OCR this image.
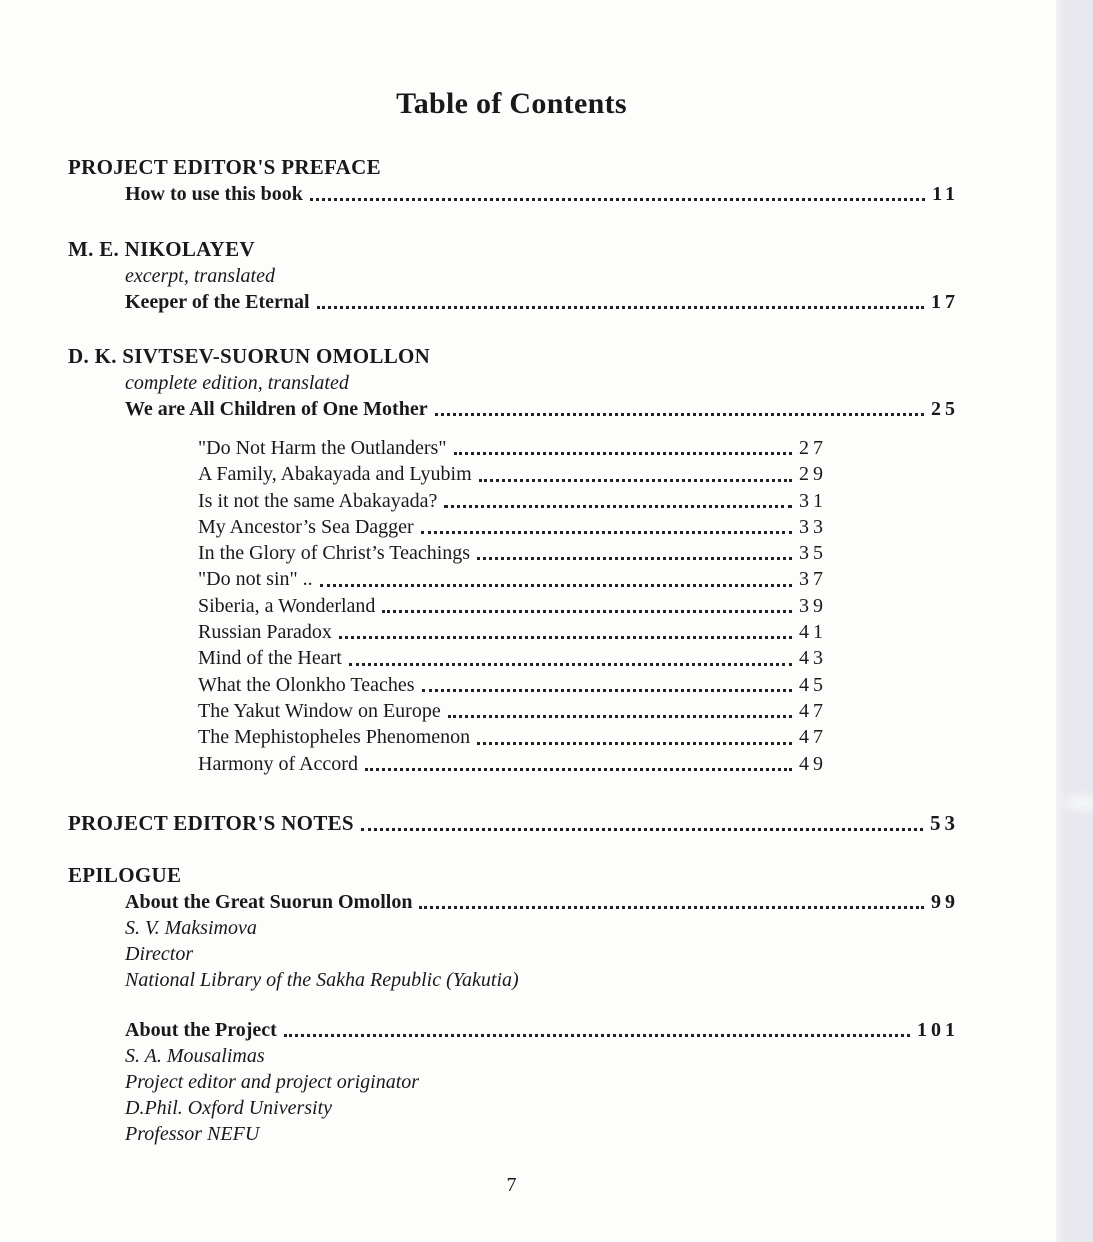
Table of Contents
PROJECT EDITOR'S PREFACE
How to use this book	11
M. E. NIKOLAYEV
excerpt, translated
Keeper of the Eternal	17
D. K. SIVTSEV-SUORUN OMOLLON
complete edition, translated
We are All Children of One Mother	25
"Do Not Harm the Outlanders"	27
A Family, Abakayada and Lyubim	29
Is it not the same Abakayada?	31
My Ancestor’s Sea Dagger	33
In the Glory of Christ’s Teachings	35
"Do not sin" ..	37
Siberia, a Wonderland	39
Russian Paradox	41
Mind of the Heart	43
What the Olonkho Teaches	45
The Yakut Window on Europe	47
The Mephistopheles Phenomenon	47
Harmony of Accord	49
PROJECT EDITOR'S NOTES	53
EPILOGUE
About the Great Suorun Omollon	99
S. V. Maksimova
Director
National Library of the Sakha Republic (Yakutia)
About the Project	101
S. A. Mousalimas
Project editor and project originator
D.Phil. Oxford University
Professor NEFU
7
